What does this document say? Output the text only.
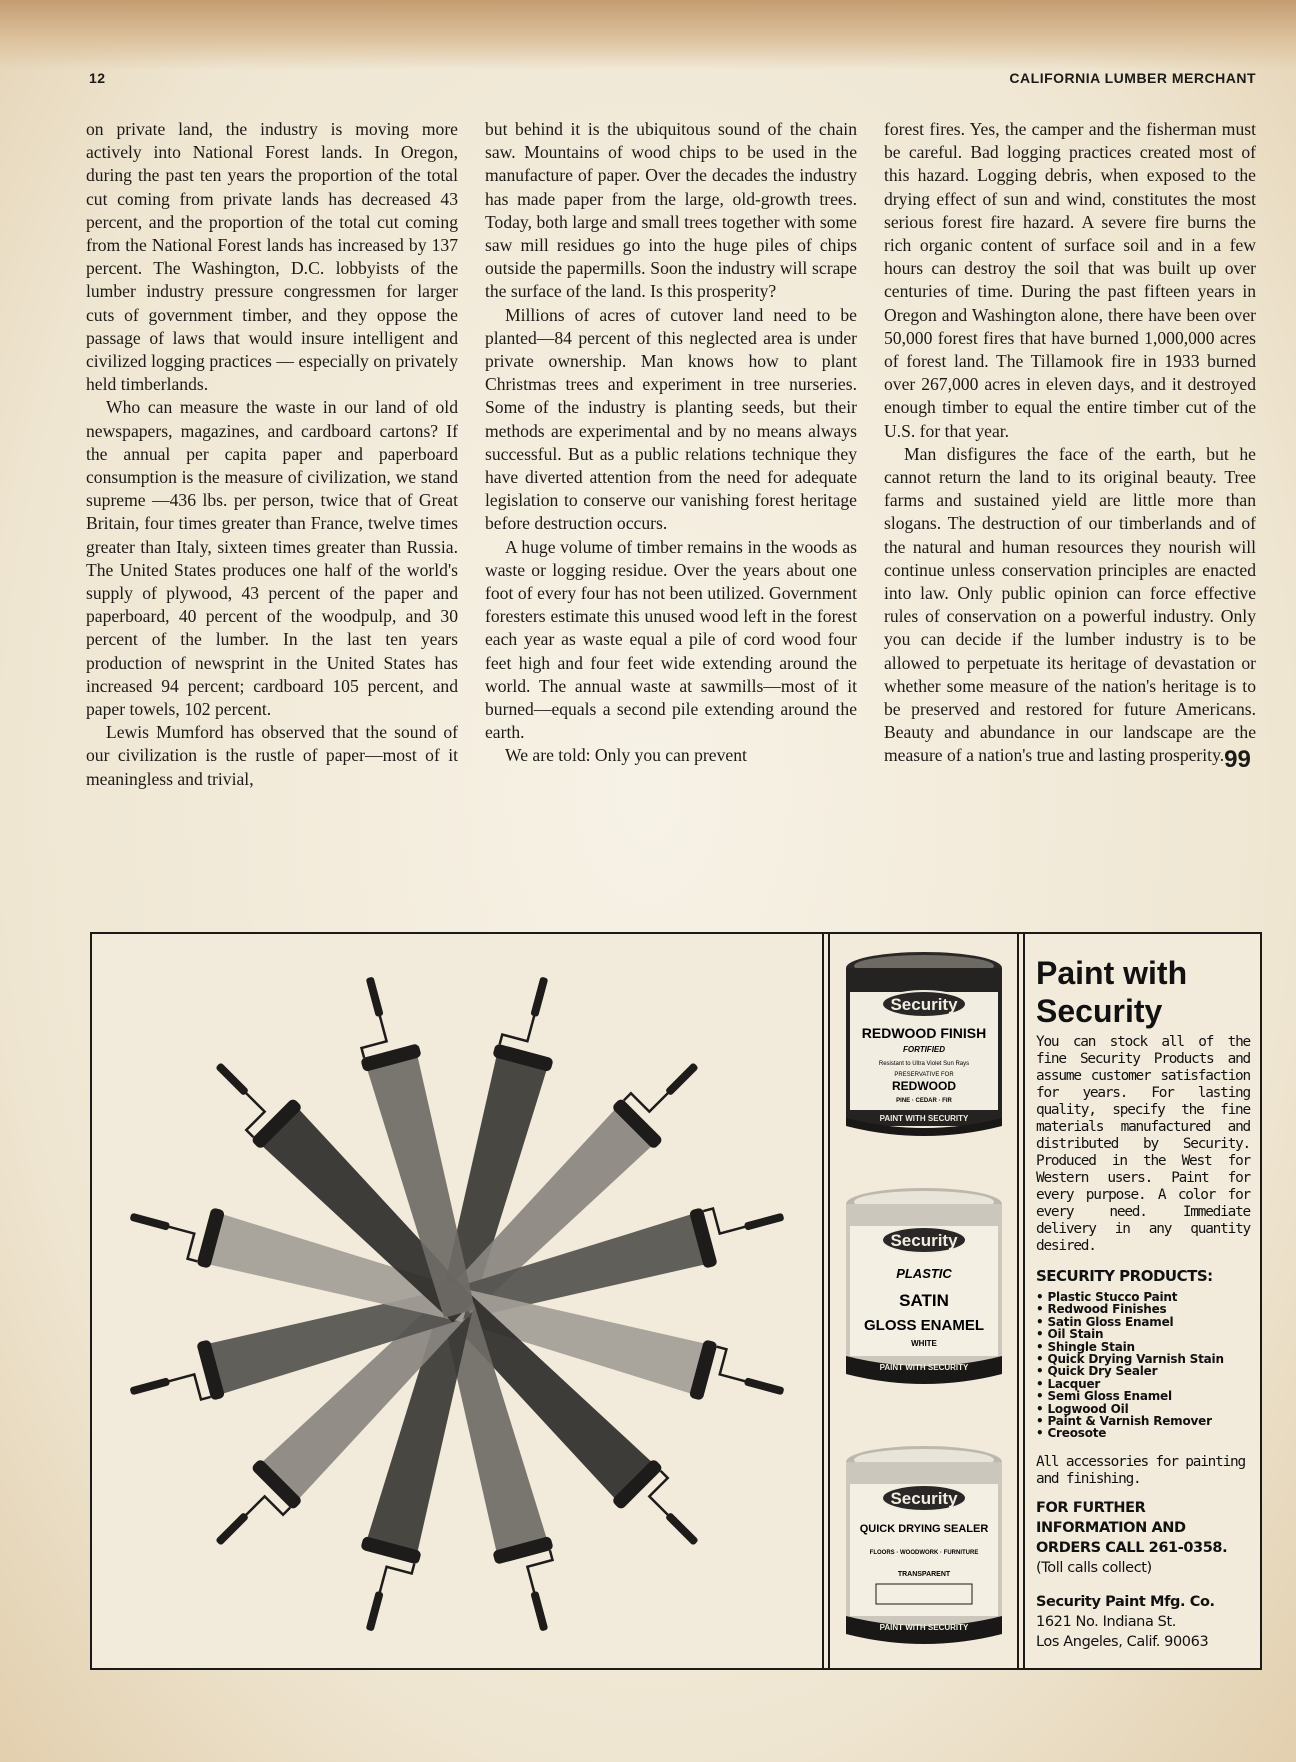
12	CALIFORNIA LUMBER MERCHANT

on private land, the industry is moving more actively into National Forest lands. In Oregon, during the past ten years the proportion of the total cut coming from private lands has decreased 43 percent, and the proportion of the total cut coming from the National Forest lands has increased by 137 percent. The Washington, D.C. lobbyists of the lumber industry pressure congressmen for larger cuts of government timber, and they oppose the passage of laws that would insure intelligent and civilized logging practices — especially on privately held timberlands.

Who can measure the waste in our land of old newspapers, magazines, and cardboard cartons? If the annual per capita paper and paperboard consumption is the measure of civilization, we stand supreme —436 lbs. per person, twice that of Great Britain, four times greater than France, twelve times greater than Italy, sixteen times greater than Russia. The United States produces one half of the world's supply of plywood, 43 percent of the paper and paperboard, 40 percent of the woodpulp, and 30 percent of the lumber. In the last ten years production of newsprint in the United States has increased 94 percent; cardboard 105 percent, and paper towels, 102 percent.

Lewis Mumford has observed that the sound of our civilization is the rustle of paper—most of it meaningless and trivial,

but behind it is the ubiquitous sound of the chain saw. Mountains of wood chips to be used in the manufacture of paper. Over the decades the industry has made paper from the large, old-growth trees. Today, both large and small trees together with some saw mill residues go into the huge piles of chips outside the papermills. Soon the industry will scrape the surface of the land. Is this prosperity?

Millions of acres of cutover land need to be planted—84 percent of this neglected area is under private ownership. Man knows how to plant Christmas trees and experiment in tree nurseries. Some of the industry is planting seeds, but their methods are experimental and by no means always successful. But as a public relations technique they have diverted attention from the need for adequate legislation to conserve our vanishing forest heritage before destruction occurs.

A huge volume of timber remains in the woods as waste or logging residue. Over the years about one foot of every four has not been utilized. Government foresters estimate this unused wood left in the forest each year as waste equal a pile of cord wood four feet high and four feet wide extending around the world. The annual waste at sawmills—most of it burned—equals a second pile extending around the earth.

We are told: Only you can prevent

forest fires. Yes, the camper and the fisherman must be careful. Bad logging practices created most of this hazard. Logging debris, when exposed to the drying effect of sun and wind, constitutes the most serious forest fire hazard. A severe fire burns the rich organic content of surface soil and in a few hours can destroy the soil that was built up over centuries of time. During the past fifteen years in Oregon and Washington alone, there have been over 50,000 forest fires that have burned 1,000,000 acres of forest land. The Tillamook fire in 1933 burned over 267,000 acres in eleven days, and it destroyed enough timber to equal the entire timber cut of the U.S. for that year.

Man disfigures the face of the earth, but he cannot return the land to its original beauty. Tree farms and sustained yield are little more than slogans. The destruction of our timberlands and of the natural and human resources they nourish will continue unless conservation principles are enacted into law. Only public opinion can force effective rules of conservation on a powerful industry. Only you can decide if the lumber industry is to be allowed to perpetuate its heritage of devastation or whether some measure of the nation's heritage is to be preserved and restored for future Americans. Beauty and abundance in our landscape are the measure of a nation's true and lasting prosperity.99

Security
REDWOOD FINISH
FORTIFIED
Resistant to Ultra Violet Sun Rays
PRESERVATIVE FOR
REDWOOD
PINE · CEDAR · FIR
PAINT WITH SECURITY
Security
PLASTIC
SATIN
GLOSS ENAMEL
WHITE
PAINT WITH SECURITY
Security
QUICK DRYING SEALER
FLOORS · WOODWORK · FURNITURE
TRANSPARENT
PAINT WITH SECURITY
Paint with
Security

You can stock all of the fine Security Products and assume customer satisfaction for years. For lasting quality, specify the fine materials manufactured and distributed by Security. Produced in the West for Western users. Paint for every purpose. A color for every need. Immediate delivery in any quantity desired.

SECURITY PRODUCTS:

• Plastic Stucco Paint
• Redwood Finishes
• Satin Gloss Enamel
• Oil Stain
• Shingle Stain
• Quick Drying Varnish Stain
• Quick Dry Sealer
• Lacquer
• Semi Gloss Enamel
• Logwood Oil
• Paint & Varnish Remover
• Creosote

All accessories for painting and finishing.

FOR FURTHER INFORMATION AND ORDERS CALL 261-0358.

(Toll calls collect)

Security Paint Mfg. Co.

1621 No. Indiana St.

Los Angeles, Calif. 90063
